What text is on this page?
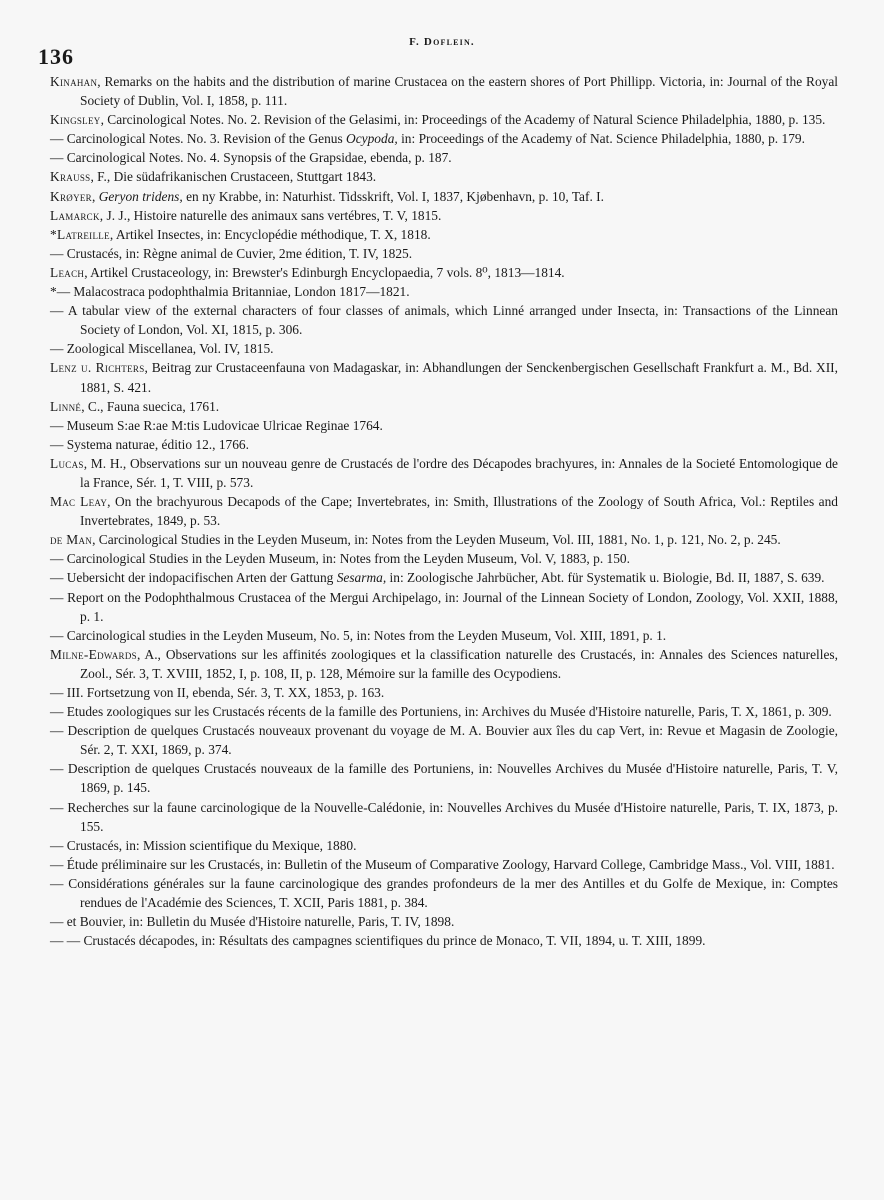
136
F. Doflein.
Kinahan, Remarks on the habits and the distribution of marine Crustacea on the eastern shores of Port Phillipp. Victoria, in: Journal of the Royal Society of Dublin, Vol. I, 1858, p. 111.
Kingsley, Carcinological Notes. No. 2. Revision of the Gelasimi, in: Proceedings of the Academy of Natural Science Philadelphia, 1880, p. 135.
— Carcinological Notes. No. 3. Revision of the Genus Ocypoda, in: Proceedings of the Academy of Nat. Science Philadelphia, 1880, p. 179.
— Carcinological Notes. No. 4. Synopsis of the Grapsidae, ebenda, p. 187.
Krauss, F., Die südafrikanischen Crustaceen, Stuttgart 1843.
Krøyer, Geryon tridens, en ny Krabbe, in: Naturhist. Tidsskrift, Vol. I, 1837, Kjøbenhavn, p. 10, Taf. I.
Lamarck, J. J., Histoire naturelle des animaux sans vertébres, T. V, 1815.
*Latreille, Artikel Insectes, in: Encyclopédie méthodique, T. X, 1818.
— Crustacés, in: Règne animal de Cuvier, 2me édition, T. IV, 1825.
Leach, Artikel Crustaceology, in: Brewster's Edinburgh Encyclopaedia, 7 vols. 8⁰, 1813—1814.
*— Malacostraca podophthalmia Britanniae, London 1817—1821.
— A tabular view of the external characters of four classes of animals, which Linné arranged under Insecta, in: Transactions of the Linnean Society of London, Vol. XI, 1815, p. 306.
— Zoological Miscellanea, Vol. IV, 1815.
Lenz u. Richters, Beitrag zur Crustaceenfauna von Madagaskar, in: Abhandlungen der Senckenbergischen Gesellschaft Frankfurt a. M., Bd. XII, 1881, S. 421.
Linné, C., Fauna suecica, 1761.
— Museum S:ae R:ae M:tis Ludovicae Ulricae Reginae 1764.
— Systema naturae, éditio 12., 1766.
Lucas, M. H., Observations sur un nouveau genre de Crustacés de l'ordre des Décapodes brachyures, in: Annales de la Societé Entomologique de la France, Sér. 1, T. VIII, p. 573.
Mac Leay, On the brachyurous Decapods of the Cape; Invertebrates, in: Smith, Illustrations of the Zoology of South Africa, Vol.: Reptiles and Invertebrates, 1849, p. 53.
de Man, Carcinological Studies in the Leyden Museum, in: Notes from the Leyden Museum, Vol. III, 1881, No. 1, p. 121, No. 2, p. 245.
— Carcinological Studies in the Leyden Museum, in: Notes from the Leyden Museum, Vol. V, 1883, p. 150.
— Uebersicht der indopacifischen Arten der Gattung Sesarma, in: Zoologische Jahrbücher, Abt. für Systematik u. Biologie, Bd. II, 1887, S. 639.
— Report on the Podophthalmous Crustacea of the Mergui Archipelago, in: Journal of the Linnean Society of London, Zoology, Vol. XXII, 1888, p. 1.
— Carcinological studies in the Leyden Museum, No. 5, in: Notes from the Leyden Museum, Vol. XIII, 1891, p. 1.
Milne-Edwards, A., Observations sur les affinités zoologiques et la classification naturelle des Crustacés, in: Annales des Sciences naturelles, Zool., Sér. 3, T. XVIII, 1852, I, p. 108, II, p. 128, Mémoire sur la famille des Ocypodiens.
— III. Fortsetzung von II, ebenda, Sér. 3, T. XX, 1853, p. 163.
— Etudes zoologiques sur les Crustacés récents de la famille des Portuniens, in: Archives du Musée d'Histoire naturelle, Paris, T. X, 1861, p. 309.
— Description de quelques Crustacés nouveaux provenant du voyage de M. A. Bouvier aux îles du cap Vert, in: Revue et Magasin de Zoologie, Sér. 2, T. XXI, 1869, p. 374.
— Description de quelques Crustacés nouveaux de la famille des Portuniens, in: Nouvelles Archives du Musée d'Histoire naturelle, Paris, T. V, 1869, p. 145.
— Recherches sur la faune carcinologique de la Nouvelle-Calédonie, in: Nouvelles Archives du Musée d'Histoire naturelle, Paris, T. IX, 1873, p. 155.
— Crustacés, in: Mission scientifique du Mexique, 1880.
— Étude préliminaire sur les Crustacés, in: Bulletin of the Museum of Comparative Zoology, Harvard College, Cambridge Mass., Vol. VIII, 1881.
— Considérations générales sur la faune carcinologique des grandes profondeurs de la mer des Antilles et du Golfe de Mexique, in: Comptes rendues de l'Académie des Sciences, T. XCII, Paris 1881, p. 384.
— et Bouvier, in: Bulletin du Musée d'Histoire naturelle, Paris, T. IV, 1898.
— — Crustacés décapodes, in: Résultats des campagnes scientifiques du prince de Monaco, T. VII, 1894, u. T. XIII, 1899.
